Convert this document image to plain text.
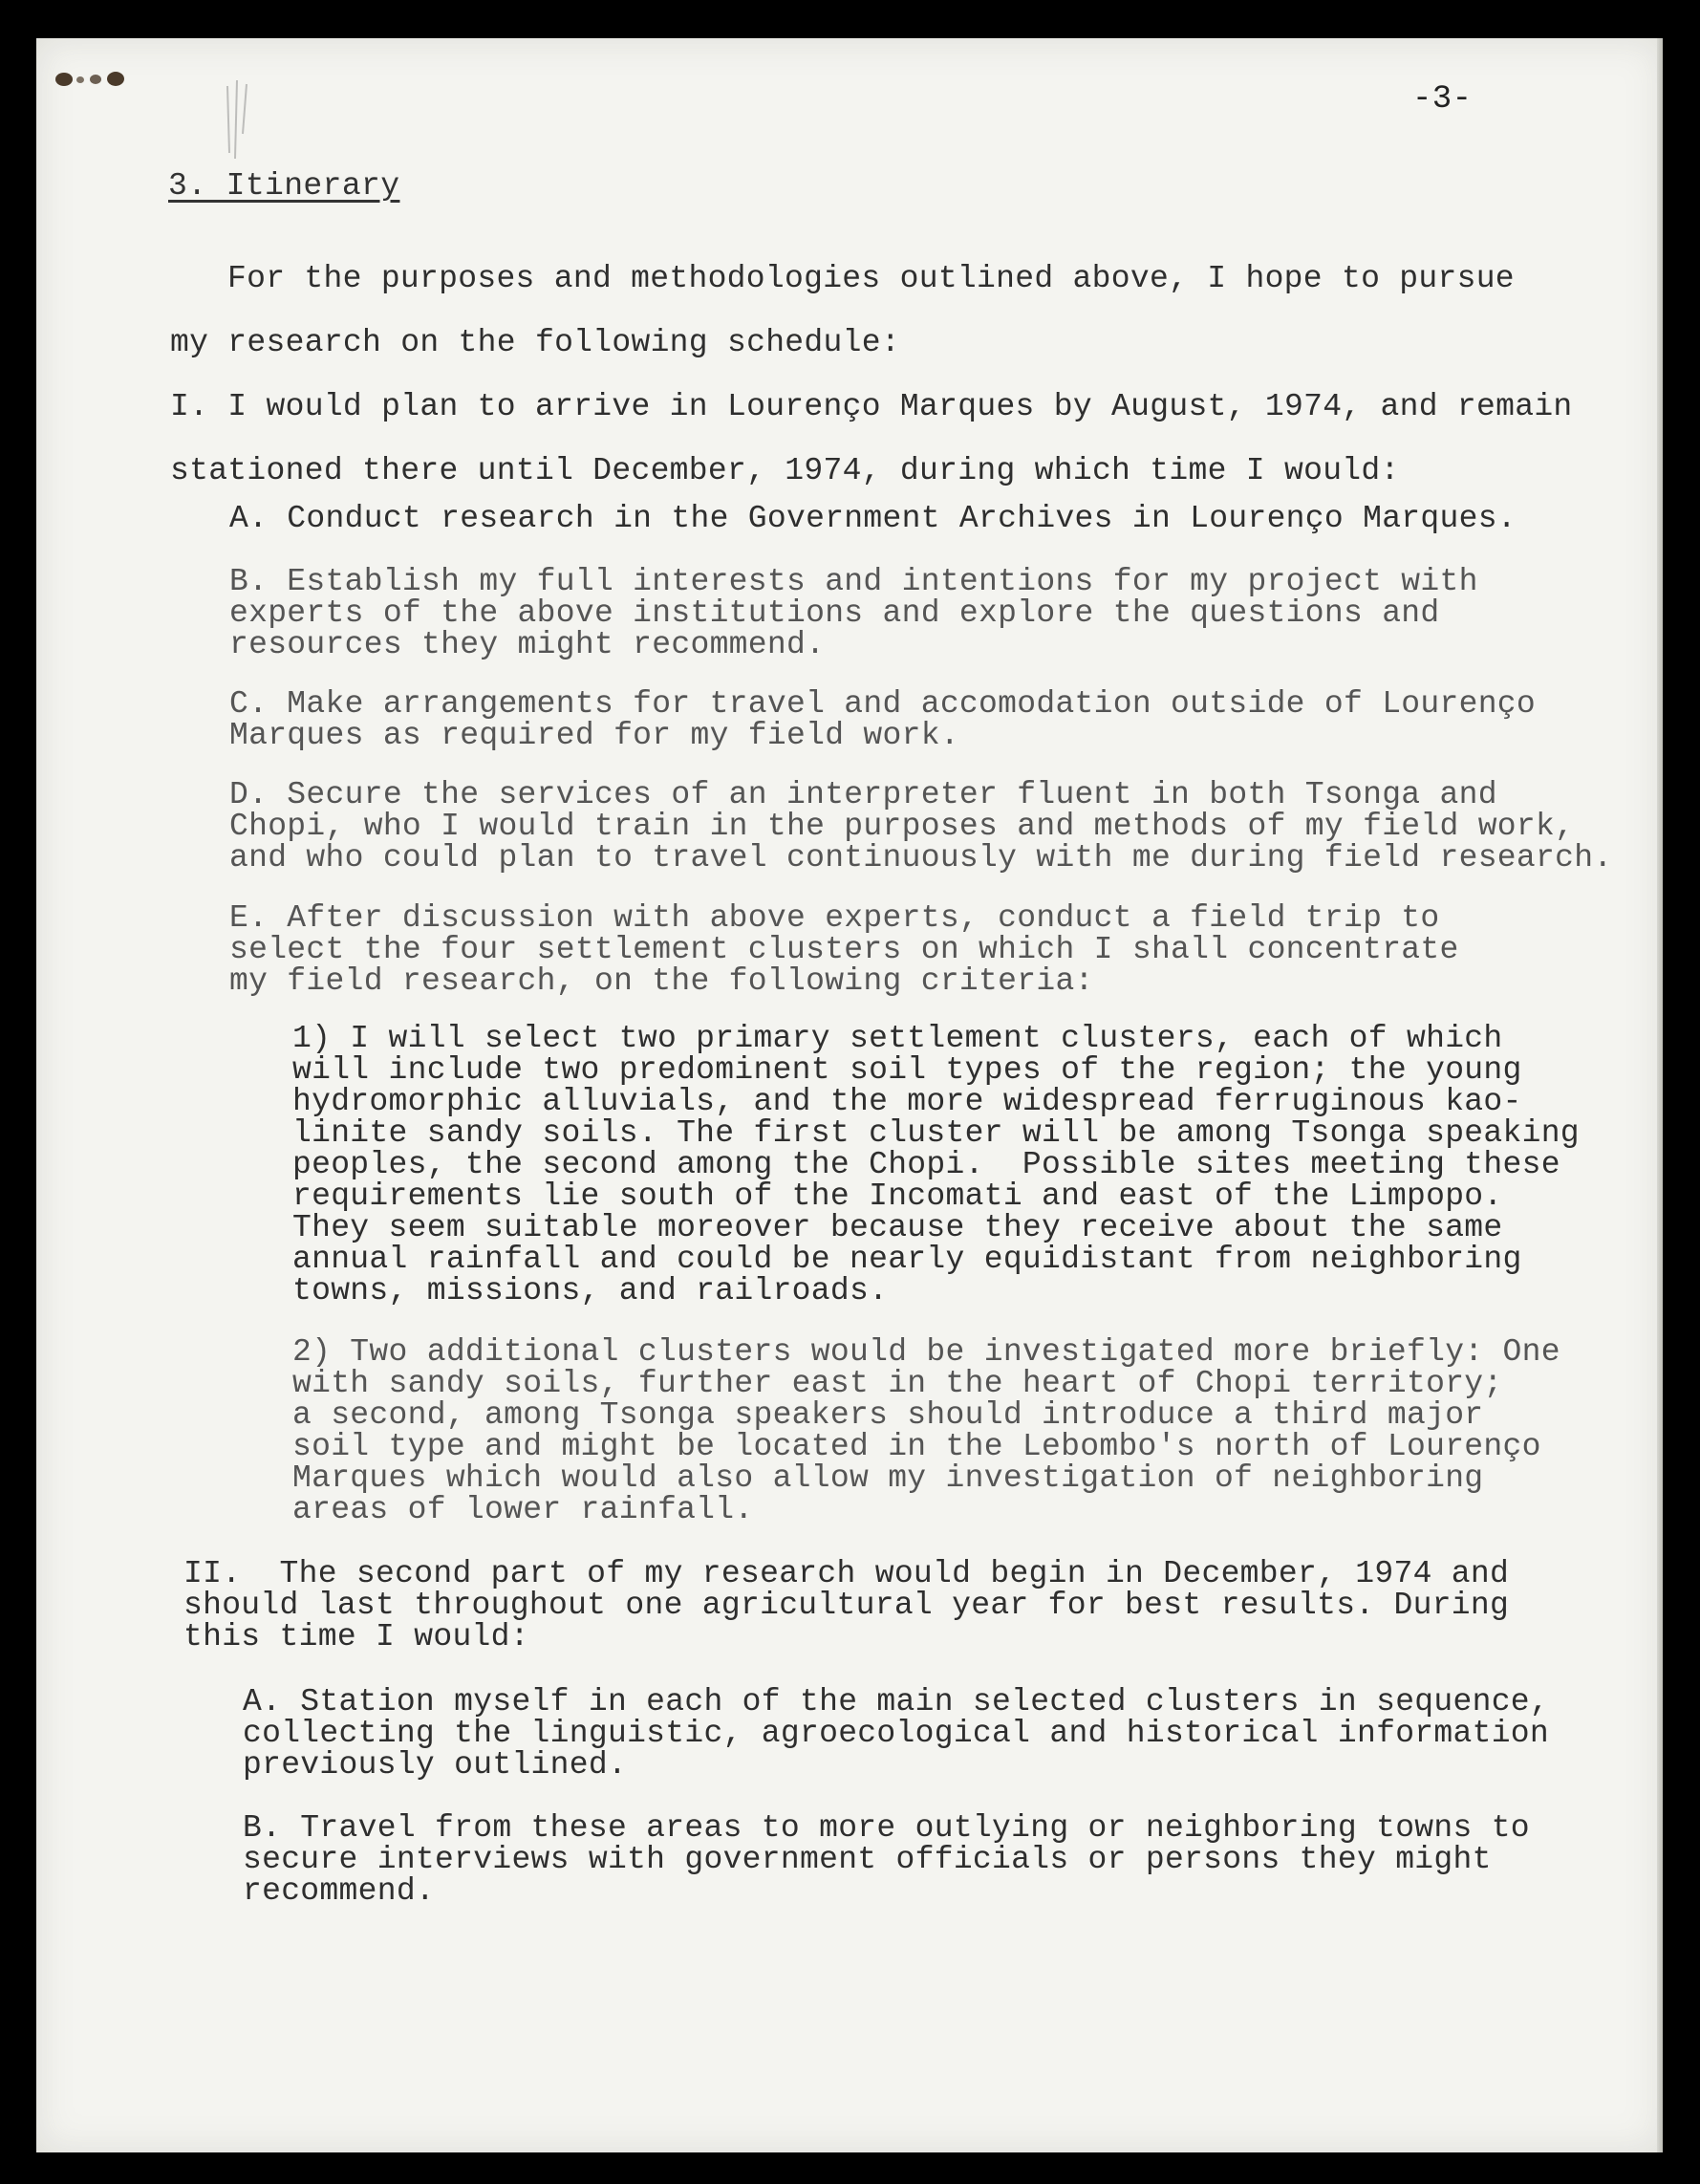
-3-
3. Itinerary
For the purposes and methodologies outlined above, I hope to pursue
my research on the following schedule:
I. I would plan to arrive in Lourenço Marques by August, 1974, and remain
stationed there until December, 1974, during which time I would:
A. Conduct research in the Government Archives in Lourenço Marques.
B. Establish my full interests and intentions for my project with
experts of the above institutions and explore the questions and
resources they might recommend.
C. Make arrangements for travel and accomodation outside of Lourenço
Marques as required for my field work.
D. Secure the services of an interpreter fluent in both Tsonga and
Chopi, who I would train in the purposes and methods of my field work,
and who could plan to travel continuously with me during field research.
E. After discussion with above experts, conduct a field trip to
select the four settlement clusters on which I shall concentrate
my field research, on the following criteria:
1) I will select two primary settlement clusters, each of which
will include two predominent soil types of the region; the young
hydromorphic alluvials, and the more widespread ferruginous kao-
linite sandy soils. The first cluster will be among Tsonga speaking
peoples, the second among the Chopi.  Possible sites meeting these
requirements lie south of the Incomati and east of the Limpopo.
They seem suitable moreover because they receive about the same
annual rainfall and could be nearly equidistant from neighboring
towns, missions, and railroads.
2) Two additional clusters would be investigated more briefly: One
with sandy soils, further east in the heart of Chopi territory;
a second, among Tsonga speakers should introduce a third major
soil type and might be located in the Lebombo's north of Lourenço
Marques which would also allow my investigation of neighboring
areas of lower rainfall.
II.  The second part of my research would begin in December, 1974 and
should last throughout one agricultural year for best results. During
this time I would:
A. Station myself in each of the main selected clusters in sequence,
collecting the linguistic, agroecological and historical information
previously outlined.
B. Travel from these areas to more outlying or neighboring towns to
secure interviews with government officials or persons they might
recommend.
